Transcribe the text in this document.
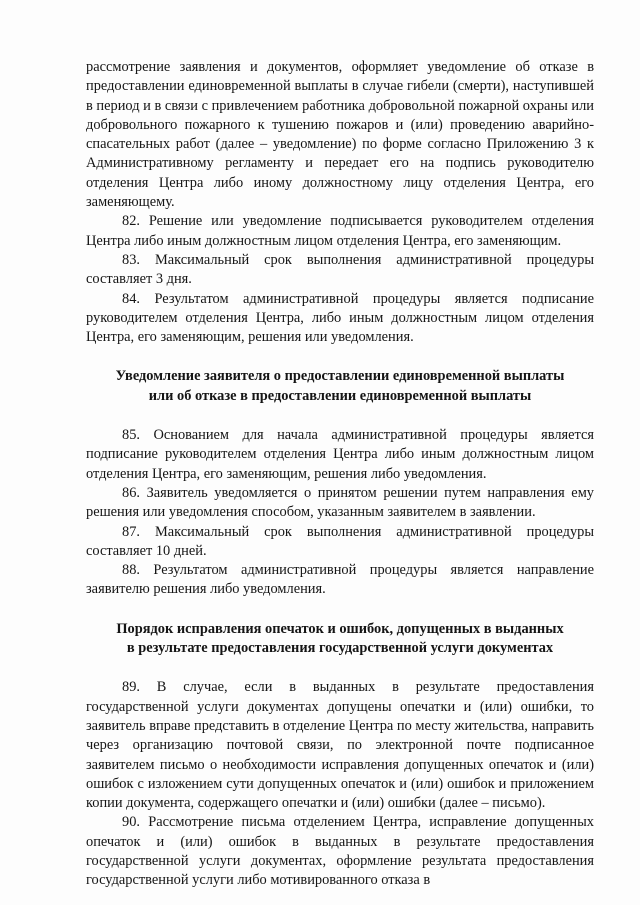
рассмотрение заявления и документов, оформляет уведомление об отказе в предоставлении единовременной выплаты в случае гибели (смерти), наступившей в период и в связи с привлечением работника добровольной пожарной охраны или добровольного пожарного к тушению пожаров и (или) проведению аварийно-спасательных работ (далее – уведомление) по форме согласно Приложению 3 к Административному регламенту и передает его на подпись руководителю отделения Центра либо иному должностному лицу отделения Центра, его заменяющему.

82. Решение или уведомление подписывается руководителем отделения Центра либо иным должностным лицом отделения Центра, его заменяющим.

83. Максимальный срок выполнения административной процедуры составляет 3 дня.

84. Результатом административной процедуры является подписание руководителем отделения Центра, либо иным должностным лицом отделения Центра, его заменяющим, решения или уведомления.

Уведомление заявителя о предоставлении единовременной выплаты

или об отказе в предоставлении единовременной выплаты

85. Основанием для начала административной процедуры является подписание руководителем отделения Центра либо иным должностным лицом отделения Центра, его заменяющим, решения либо уведомления.

86. Заявитель уведомляется о принятом решении путем направления ему решения или уведомления способом, указанным заявителем в заявлении.

87. Максимальный срок выполнения административной процедуры составляет 10 дней.

88. Результатом административной процедуры является направление заявителю решения либо уведомления.

Порядок исправления опечаток и ошибок, допущенных в выданных

в результате предоставления государственной услуги документах

89. В случае, если в выданных в результате предоставления государственной услуги документах допущены опечатки и (или) ошибки, то заявитель вправе представить в отделение Центра по месту жительства, направить через организацию почтовой связи, по электронной почте подписанное заявителем письмо о необходимости исправления допущенных опечаток и (или) ошибок с изложением сути допущенных опечаток и (или) ошибок и приложением копии документа, содержащего опечатки и (или) ошибки (далее – письмо).

90. Рассмотрение письма отделением Центра, исправление допущенных опечаток и (или) ошибок в выданных в результате предоставления государственной услуги документах, оформление результата предоставления государственной услуги либо мотивированного отказа в
